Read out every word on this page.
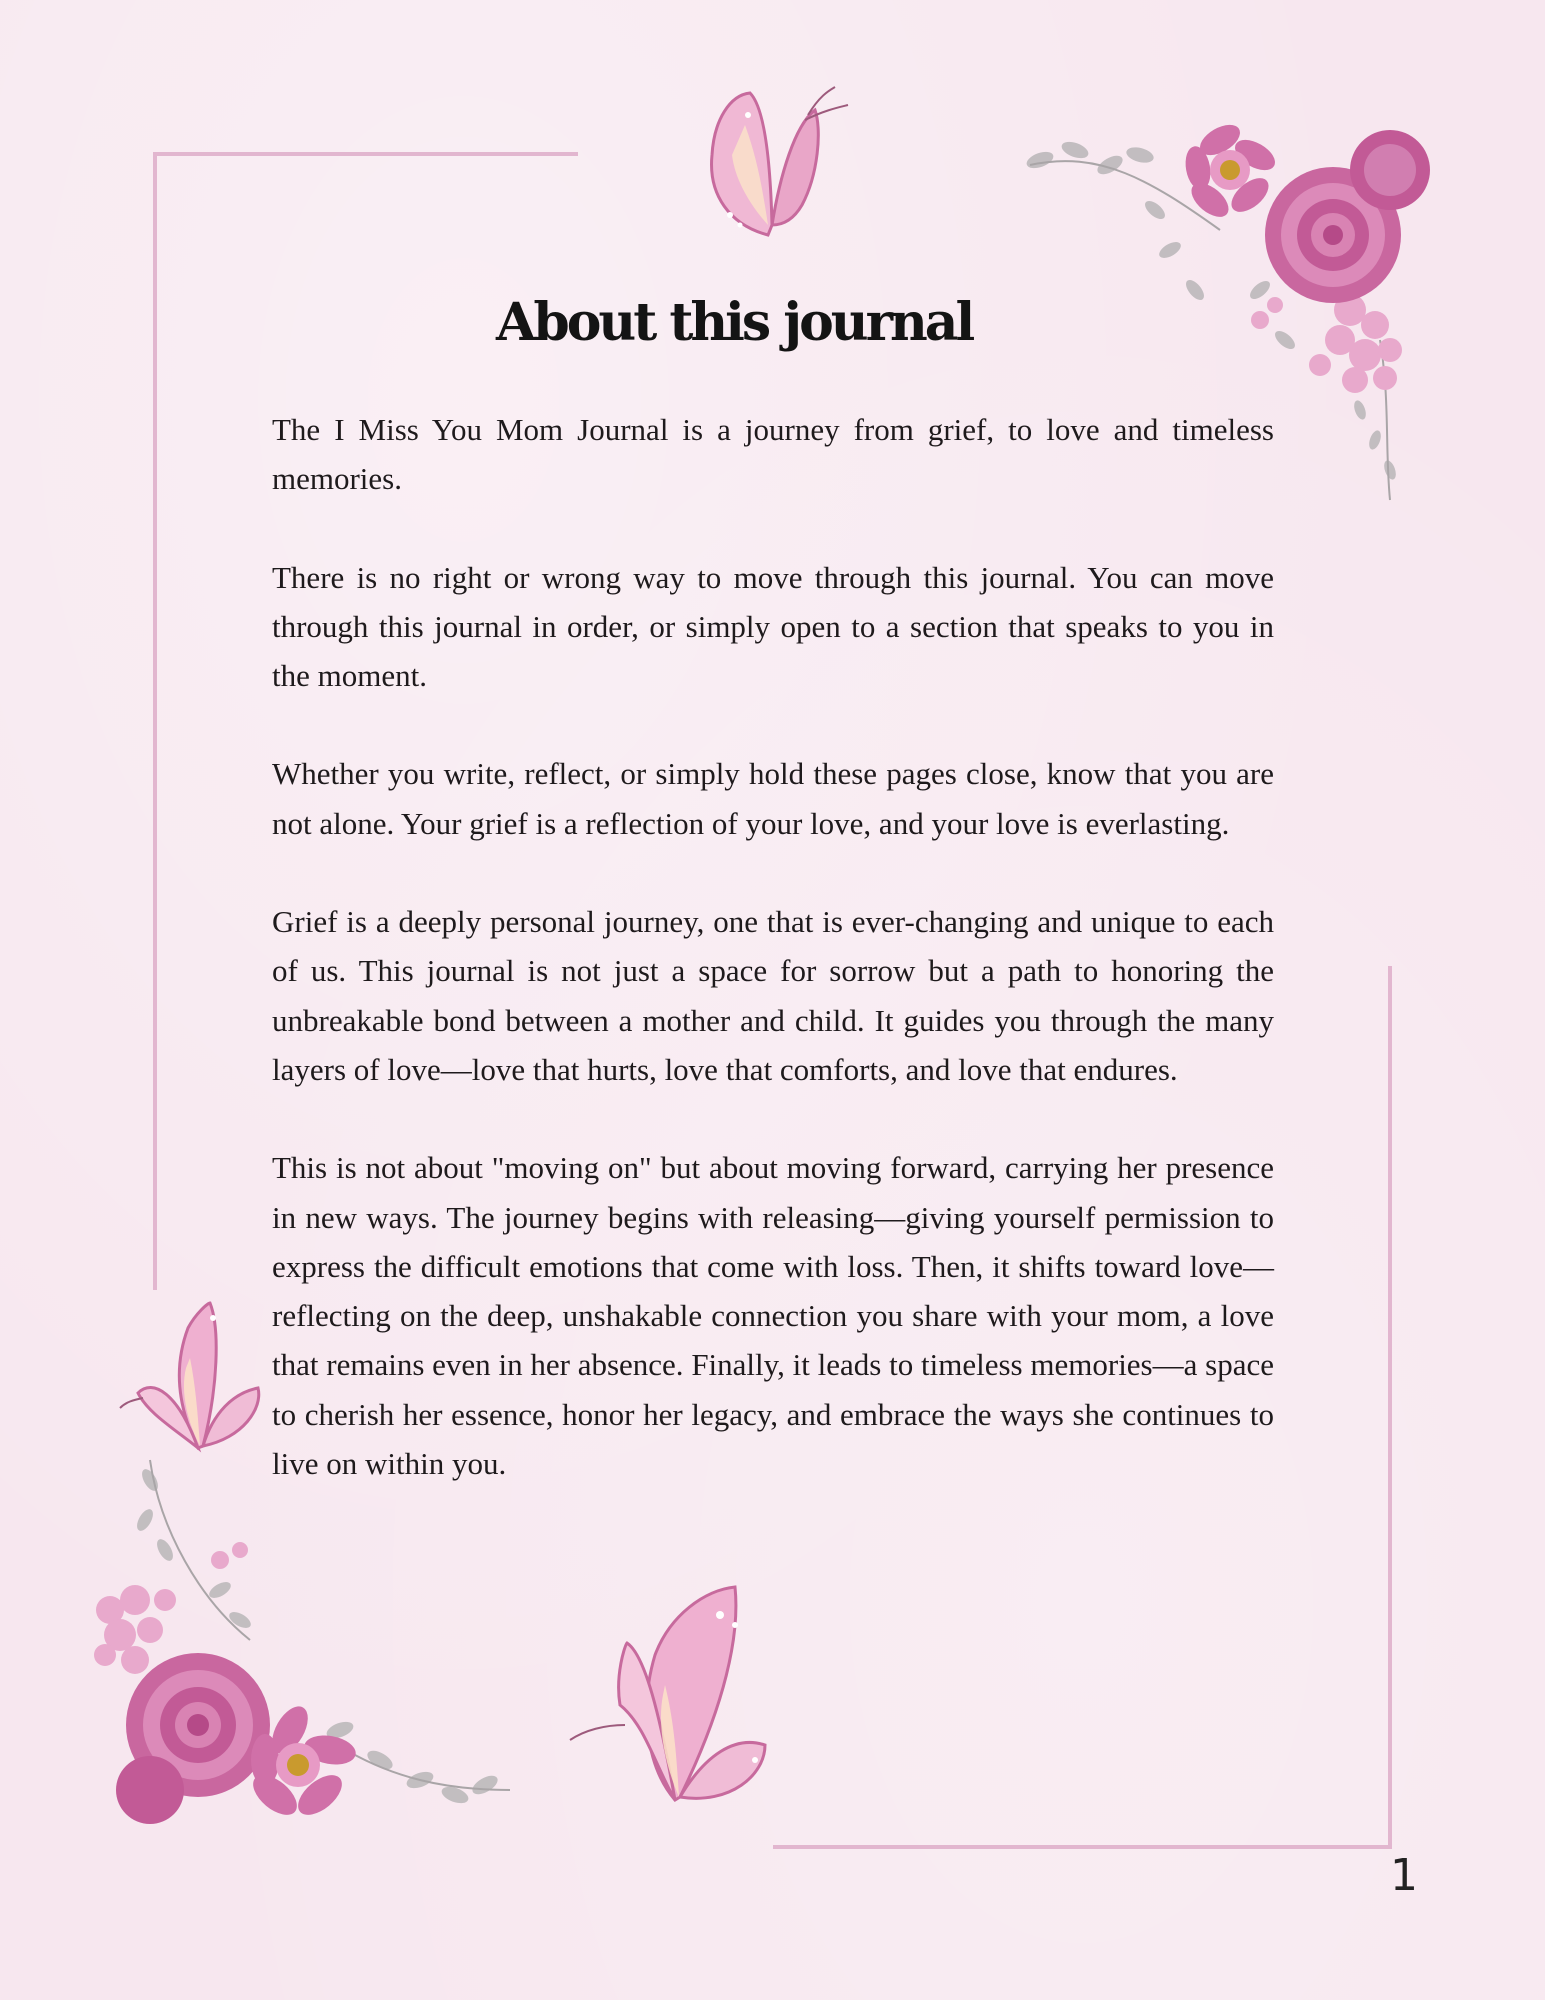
About this journal

The I Miss You Mom Journal is a journey from grief, to love and timeless memories.

There is no right or wrong way to move through this journal. You can move through this journal in order, or simply open to a section that speaks to you in the moment.

Whether you write, reflect, or simply hold these pages close, know that you are not alone. Your grief is a reflection of your love, and your love is everlasting.

Grief is a deeply personal journey, one that is ever-changing and unique to each of us. This journal is not just a space for sorrow but a path to honoring the unbreakable bond between a mother and child. It guides you through the many layers of love—love that hurts, love that comforts, and love that endures.

This is not about "moving on" but about moving forward, carrying her presence in new ways. The journey begins with releasing—giving yourself permission to express the difficult emotions that come with loss. Then, it shifts toward love—reflecting on the deep, unshakable connection you share with your mom, a love that remains even in her absence. Finally, it leads to timeless memories—a space to cherish her essence, honor her legacy, and embrace the ways she continues to live on within you.

1
